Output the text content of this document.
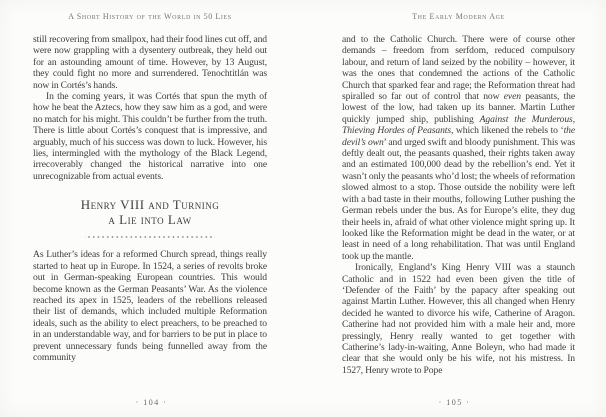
A Short History of the World in 50 Lies

still recovering from smallpox, had their food lines cut off, and were now grappling with a dysentery outbreak, they held out for an astounding amount of time. However, by 13 August, they could fight no more and surrendered. Tenochtitlán was now in Cortés’s hands.

In the coming years, it was Cortés that spun the myth of how he beat the Aztecs, how they saw him as a god, and were no match for his might. This couldn’t be further from the truth. There is little about Cortés’s conquest that is impressive, and arguably, much of his success was down to luck. However, his lies, intermingled with the mythology of the Black Legend, irrecoverably changed the historical narrative into one unrecognizable from actual events.

Henry VIII and Turning
a Lie into Law

As Luther’s ideas for a reformed Church spread, things really started to heat up in Europe. In 1524, a series of revolts broke out in German-speaking European countries. This would become known as the German Peasants’ War. As the violence reached its apex in 1525, leaders of the rebellions released their list of demands, which included multiple Reformation ideals, such as the ability to elect preachers, to be preached to in an understandable way, and for barriers to be put in place to prevent unnecessary funds being funnelled away from the community

· 104 ·
The Early Modern Age

and to the Catholic Church. There were of course other demands – freedom from serfdom, reduced compulsory labour, and return of land seized by the nobility – however, it was the ones that condemned the actions of the Catholic Church that sparked fear and rage; the Reformation threat had spiralled so far out of control that now even peasants, the lowest of the low, had taken up its banner. Martin Luther quickly jumped ship, publishing Against the Murderous, Thieving Hordes of Peasants, which likened the rebels to ‘the devil’s own’ and urged swift and bloody punishment. This was deftly dealt out, the peasants quashed, their rights taken away and an estimated 100,000 dead by the rebellion’s end. Yet it wasn’t only the peasants who’d lost; the wheels of reformation slowed almost to a stop. Those outside the nobility were left with a bad taste in their mouths, following Luther pushing the German rebels under the bus. As for Europe’s elite, they dug their heels in, afraid of what other violence might spring up. It looked like the Reformation might be dead in the water, or at least in need of a long rehabilitation. That was until England took up the mantle.

Ironically, England’s King Henry VIII was a staunch Catholic and in 1522 had even been given the title of ‘Defender of the Faith’ by the papacy after speaking out against Martin Luther. However, this all changed when Henry decided he wanted to divorce his wife, Catherine of Aragon. Catherine had not provided him with a male heir and, more pressingly, Henry really wanted to get together with Catherine’s lady-in-waiting, Anne Boleyn, who had made it clear that she would only be his wife, not his mistress. In 1527, Henry wrote to Pope

· 105 ·
